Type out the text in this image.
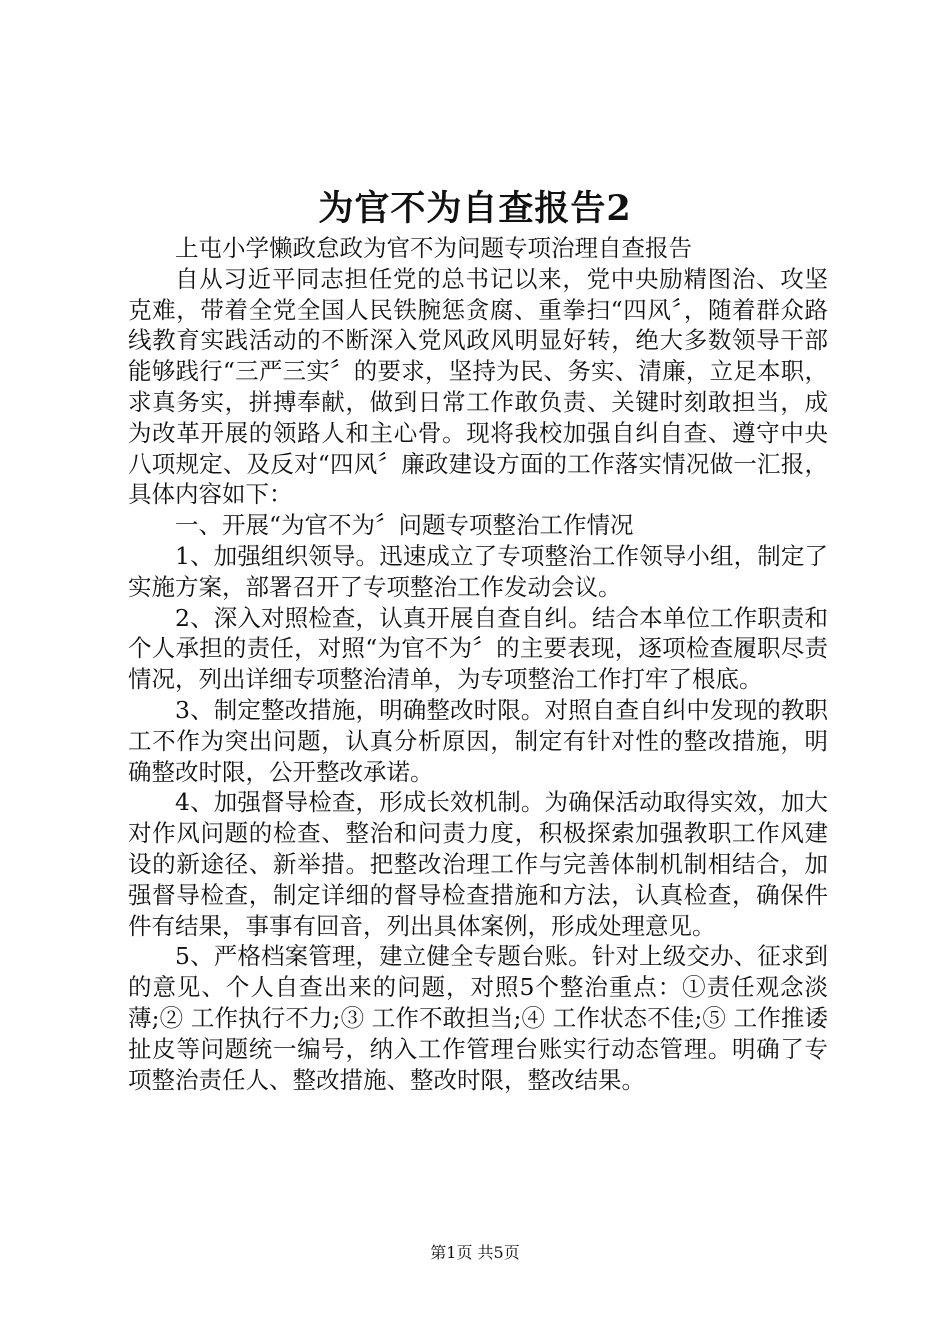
为官不为自查报告2

上屯小学懒政怠政为官不为问题专项治理自查报告

自从习近平同志担任党的总书记以来，党中央励精图治、攻坚克难，带着全党全国人民铁腕惩贪腐、重拳扫“四风〞，随着群众路线教育实践活动的不断深入党风政风明显好转，绝大多数领导干部能够践行“三严三实〞的要求，坚持为民、务实、清廉，立足本职，求真务实，拼搏奉献，做到日常工作敢负责、关键时刻敢担当，成为改革开展的领路人和主心骨。现将我校加强自纠自查、遵守中央八项规定、及反对“四风〞廉政建设方面的工作落实情况做一汇报，具体内容如下：

一、开展“为官不为〞问题专项整治工作情况

1、加强组织领导。迅速成立了专项整治工作领导小组，制定了实施方案，部署召开了专项整治工作发动会议。

2、深入对照检查，认真开展自查自纠。结合本单位工作职责和个人承担的责任，对照“为官不为〞的主要表现，逐项检查履职尽责情况，列出详细专项整治清单，为专项整治工作打牢了根底。

3、制定整改措施，明确整改时限。对照自查自纠中发现的教职工不作为突出问题，认真分析原因，制定有针对性的整改措施，明确整改时限，公开整改承诺。

4、加强督导检查，形成长效机制。为确保活动取得实效，加大对作风问题的检查、整治和问责力度，积极探索加强教职工作风建设的新途径、新举措。把整改治理工作与完善体制机制相结合，加强督导检查，制定详细的督导检查措施和方法，认真检查，确保件件有结果，事事有回音，列出具体案例，形成处理意见。

5、严格档案管理，建立健全专题台账。针对上级交办、征求到的意见、个人自查出来的问题，对照5个整治重点：①责任观念淡薄;② 工作执行不力;③ 工作不敢担当;④ 工作状态不佳;⑤ 工作推诿扯皮等问题统一编号，纳入工作管理台账实行动态管理。明确了专项整治责任人、整改措施、整改时限，整改结果。

第1页 共5页
